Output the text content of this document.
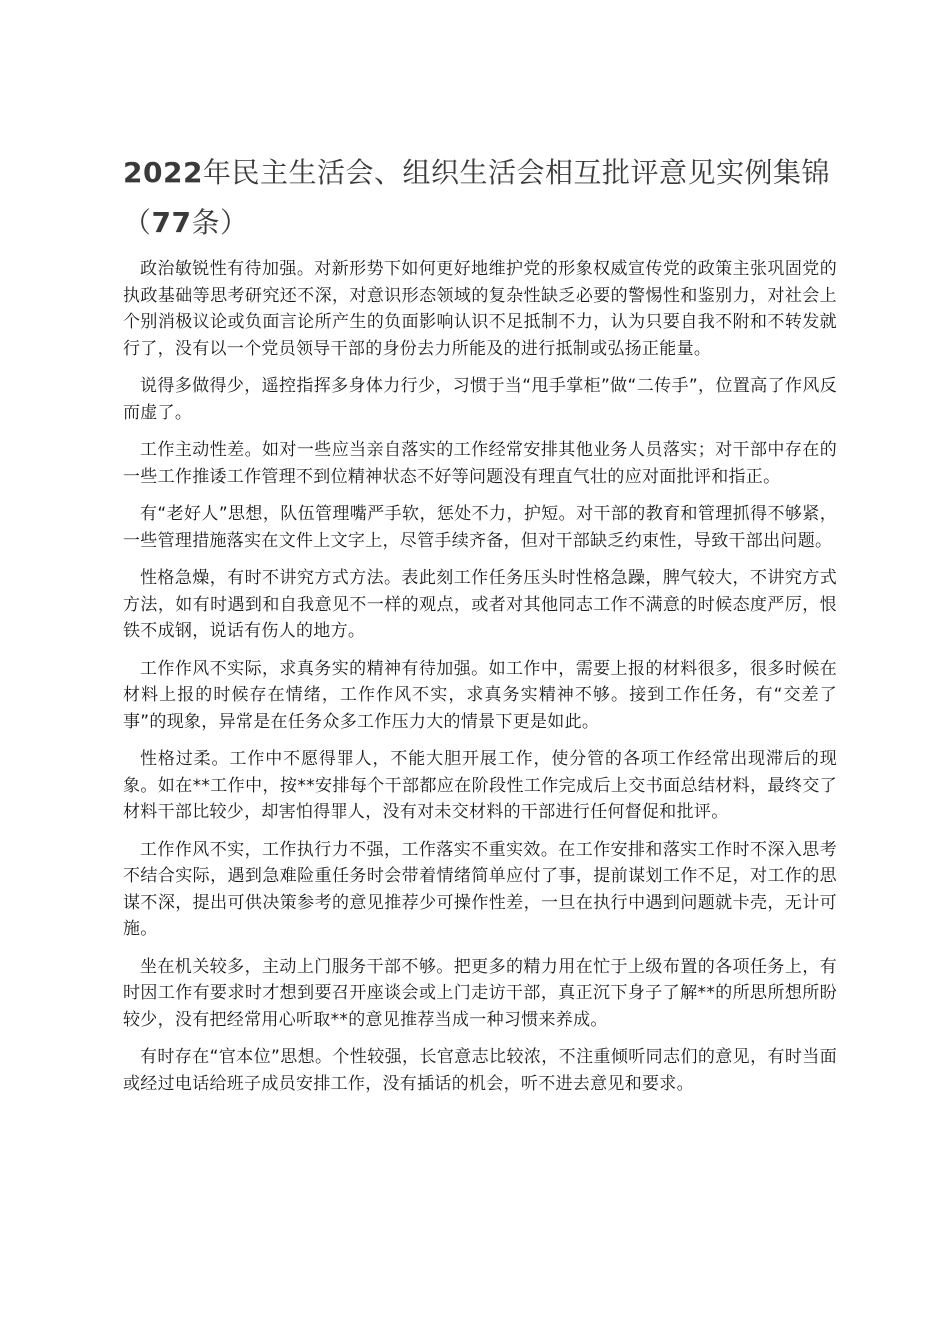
2022年民主生活会、组织生活会相互批评意见实例集锦（77条）

政治敏锐性有待加强。对新形势下如何更好地维护党的形象权威宣传党的政策主张巩固党的执政基础等思考研究还不深，对意识形态领域的复杂性缺乏必要的警惕性和鉴别力，对社会上个别消极议论或负面言论所产生的负面影响认识不足抵制不力，认为只要自我不附和不转发就行了，没有以一个党员领导干部的身份去力所能及的进行抵制或弘扬正能量。

说得多做得少，遥控指挥多身体力行少，习惯于当“甩手掌柜”做“二传手”，位置高了作风反而虚了。

工作主动性差。如对一些应当亲自落实的工作经常安排其他业务人员落实；对干部中存在的一些工作推诿工作管理不到位精神状态不好等问题没有理直气壮的应对面批评和指正。

有“老好人”思想，队伍管理嘴严手软，惩处不力，护短。对干部的教育和管理抓得不够紧，一些管理措施落实在文件上文字上，尽管手续齐备，但对干部缺乏约束性，导致干部出问题。

性格急燥，有时不讲究方式方法。表此刻工作任务压头时性格急躁，脾气较大，不讲究方式方法，如有时遇到和自我意见不一样的观点，或者对其他同志工作不满意的时候态度严厉，恨铁不成钢，说话有伤人的地方。

工作作风不实际，求真务实的精神有待加强。如工作中，需要上报的材料很多，很多时候在材料上报的时候存在情绪，工作作风不实，求真务实精神不够。接到工作任务，有“交差了事”的现象，异常是在任务众多工作压力大的情景下更是如此。

性格过柔。工作中不愿得罪人，不能大胆开展工作，使分管的各项工作经常出现滞后的现象。如在**工作中，按**安排每个干部都应在阶段性工作完成后上交书面总结材料，最终交了材料干部比较少，却害怕得罪人，没有对未交材料的干部进行任何督促和批评。

工作作风不实，工作执行力不强，工作落实不重实效。在工作安排和落实工作时不深入思考不结合实际，遇到急难险重任务时会带着情绪简单应付了事，提前谋划工作不足，对工作的思谋不深，提出可供决策参考的意见推荐少可操作性差，一旦在执行中遇到问题就卡壳，无计可施。

坐在机关较多，主动上门服务干部不够。把更多的精力用在忙于上级布置的各项任务上，有时因工作有要求时才想到要召开座谈会或上门走访干部，真正沉下身子了解**的所思所想所盼较少，没有把经常用心听取**的意见推荐当成一种习惯来养成。

有时存在“官本位”思想。个性较强，长官意志比较浓，不注重倾听同志们的意见，有时当面或经过电话给班子成员安排工作，没有插话的机会，听不进去意见和要求。
